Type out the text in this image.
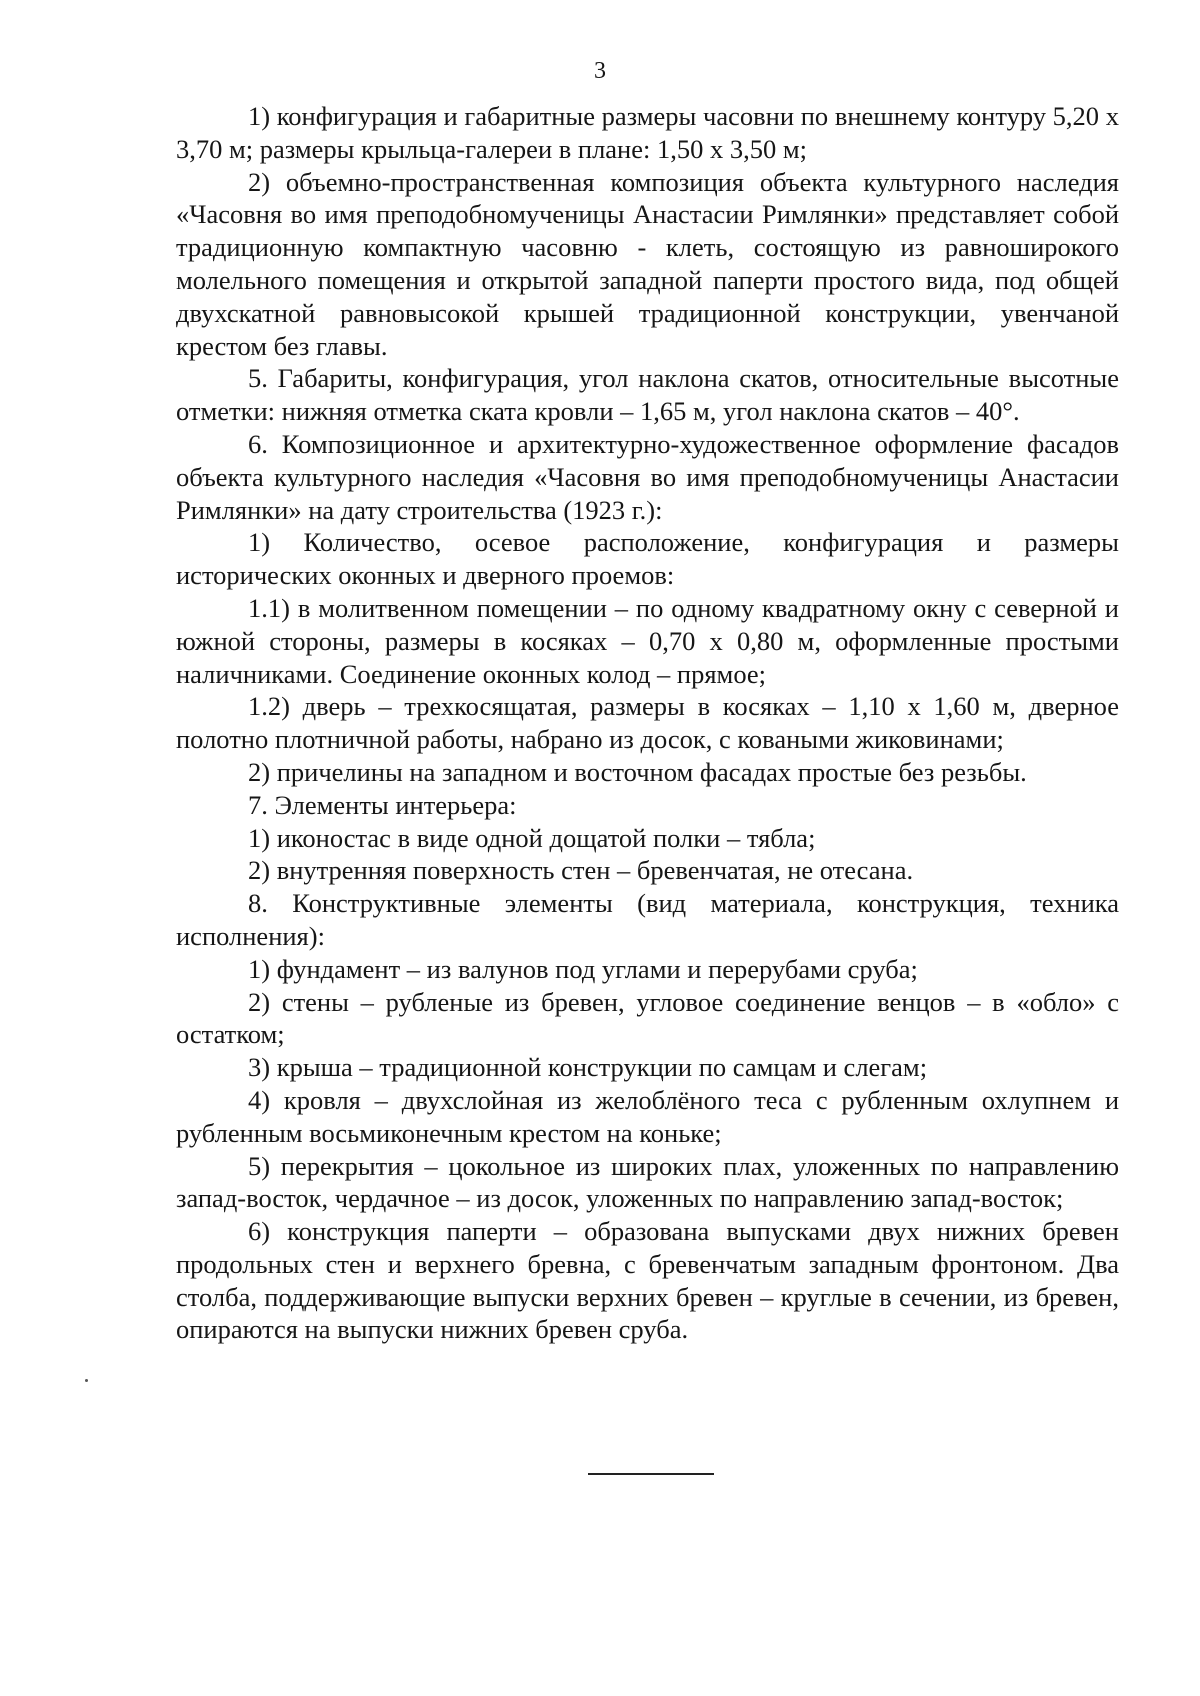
3

1) конфигурация и габаритные размеры часовни по внешнему контуру 5,20 х 3,70 м; размеры крыльца-галереи в плане: 1,50 х 3,50 м;

2) объемно-пространственная композиция объекта культурного наследия «Часовня во имя преподобномученицы Анастасии Римлянки» представляет собой традиционную компактную часовню - клеть, состоящую из равноширокого молельного помещения и открытой западной паперти простого вида, под общей двухскатной равновысокой крышей традиционной конструкции, увенчаной крестом без главы.

5. Габариты, конфигурация, угол наклона скатов, относительные высотные отметки: нижняя отметка ската кровли – 1,65 м, угол наклона скатов – 40°.

6. Композиционное и архитектурно-художественное оформление фасадов объекта культурного наследия «Часовня во имя преподобномученицы Анастасии Римлянки» на дату строительства (1923 г.):

1) Количество, осевое расположение, конфигурация и размеры исторических оконных и дверного проемов:

1.1) в молитвенном помещении – по одному квадратному окну с северной и южной стороны, размеры в косяках – 0,70 х 0,80 м, оформленные простыми наличниками. Соединение оконных колод – прямое;

1.2) дверь – трехкосящатая, размеры в косяках – 1,10 х 1,60 м, дверное полотно плотничной работы, набрано из досок, с коваными жиковинами;

2) причелины на западном и восточном фасадах простые без резьбы.

7. Элементы интерьера:

1) иконостас в виде одной дощатой полки – тябла;

2) внутренняя поверхность стен – бревенчатая, не отесана.

8. Конструктивные элементы (вид материала, конструкция, техника исполнения):

1) фундамент – из валунов под углами и перерубами сруба;

2) стены – рубленые из бревен, угловое соединение венцов – в «обло» с остатком;

3) крыша – традиционной конструкции по самцам и слегам;

4) кровля – двухслойная из желоблёного теса с рубленным охлупнем и рубленным восьмиконечным крестом на коньке;

5) перекрытия – цокольное из широких плах, уложенных по направлению запад-восток, чердачное – из досок, уложенных по направлению запад-восток;

6) конструкция паперти – образована выпусками двух нижних бревен продольных стен и верхнего бревна, с бревенчатым западным фронтоном. Два столба, поддерживающие выпуски верхних бревен – круглые в сечении, из бревен, опираются на выпуски нижних бревен сруба.
